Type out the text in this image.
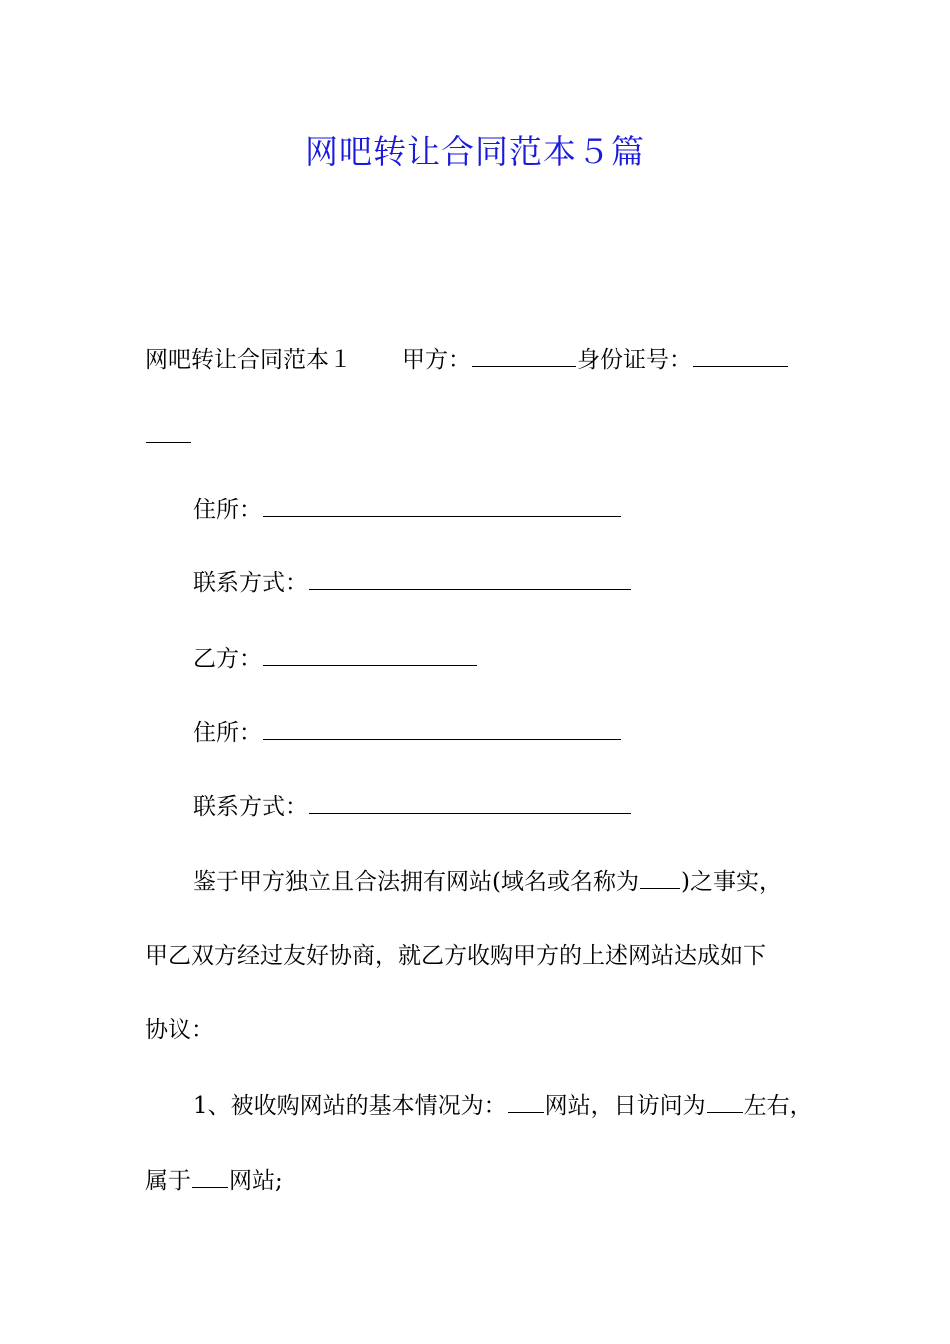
网吧转让合同范本５篇
网吧转让合同范本１ 甲方：	身份证号：
住所：
联系方式：
乙方：
住所：
联系方式：
鉴于甲方独立且合法拥有网站(域名或名称为 )之事实，
甲乙双方经过友好协商，就乙方收购甲方的上述网站达成如下
协议：
1、被收购网站的基本情况为： 网站，日访问为 左右，
属于 网站;
